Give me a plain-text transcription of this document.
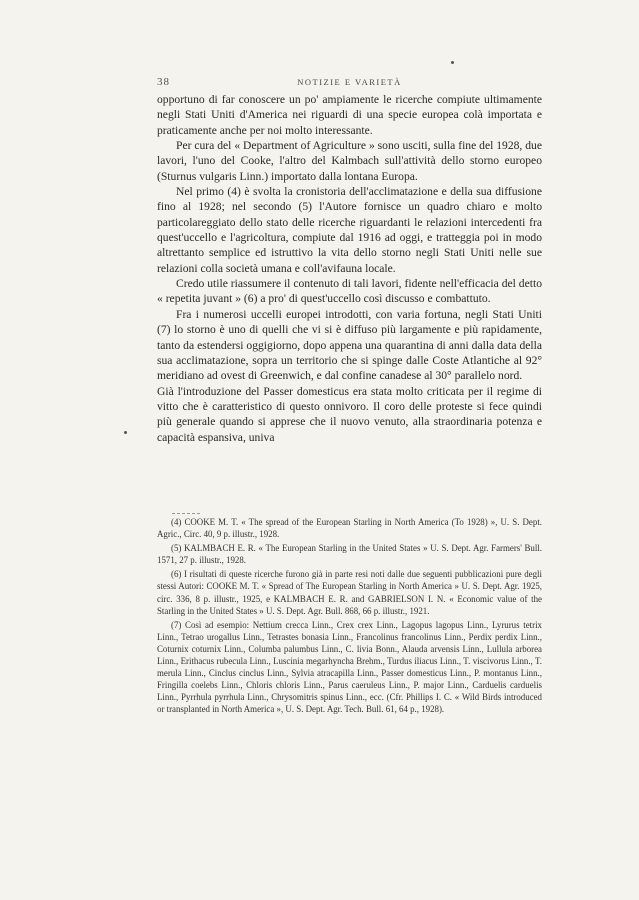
38	NOTIZIE E VARIETÀ

opportuno di far conoscere un po' ampiamente le ricerche compiute ultimamente negli Stati Uniti d'America nei riguardi di una specie europea colà importata e praticamente anche per noi molto interessante.

Per cura del « Department of Agriculture » sono usciti, sulla fine del 1928, due lavori, l'uno del Cooke, l'altro del Kalmbach sull'attività dello storno europeo (Sturnus vulgaris Linn.) importato dalla lontana Europa.

Nel primo (4) è svolta la cronistoria dell'acclimatazione e della sua diffusione fino al 1928; nel secondo (5) l'Autore fornisce un quadro chiaro e molto particolareggiato dello stato delle ricerche riguardanti le relazioni intercedenti fra quest'uccello e l'agricoltura, compiute dal 1916 ad oggi, e tratteggia poi in modo altrettanto semplice ed istruttivo la vita dello storno negli Stati Uniti nelle sue relazioni colla società umana e coll'avifauna locale.

Credo utile riassumere il contenuto di tali lavori, fidente nell'efficacia del detto « repetita juvant » (6) a pro' di quest'uccello così discusso e combattuto.

Fra i numerosi uccelli europei introdotti, con varia fortuna, negli Stati Uniti (7) lo storno è uno di quelli che vi si è diffuso più largamente e più rapidamente, tanto da estendersi oggigiorno, dopo appena una quarantina di anni dalla data della sua acclimatazione, sopra un territorio che si spinge dalle Coste Atlantiche al 92° meridiano ad ovest di Greenwich, e dal confine canadese al 30° parallelo nord.

Già l'introduzione del Passer domesticus era stata molto criticata per il regime di vitto che è caratteristico di questo onnivoro. Il coro delle proteste si fece quindi più generale quando si apprese che il nuovo venuto, alla straordinaria potenza e capacità espansiva, univa

(4) COOKE M. T. « The spread of the European Starling in North America (To 1928) », U. S. Dept. Agric., Circ. 40, 9 p. illustr., 1928.

(5) KALMBACH E. R. « The European Starling in the United States » U. S. Dept. Agr. Farmers' Bull. 1571, 27 p. illustr., 1928.

(6) I risultati di queste ricerche furono già in parte resi noti dalle due seguenti pubblicazioni pure degli stessi Autori: COOKE M. T. « Spread of The European Starling in North America » U. S. Dept. Agr. 1925, circ. 336, 8 p. illustr., 1925, e KALMBACH E. R. and GABRIELSON I. N. « Economic value of the Starling in the United States » U. S. Dept. Agr. Bull. 868, 66 p. illustr., 1921.

(7) Così ad esempio: Nettium crecca Linn., Crex crex Linn., Lagopus lagopus Linn., Lyrurus tetrix Linn., Tetrao urogallus Linn., Tetrastes bonasia Linn., Francolinus francolinus Linn., Perdix perdix Linn., Coturnix coturnix Linn., Columba palumbus Linn., C. livia Bonn., Alauda arvensis Linn., Lullula arborea Linn., Erithacus rubecula Linn., Luscinia megarhyncha Brehm., Turdus iliacus Linn., T. viscivorus Linn., T. merula Linn., Cinclus cinclus Linn., Sylvia atracapilla Linn., Passer domesticus Linn., P. montanus Linn., Fringilla coelebs Linn., Chloris chloris Linn., Parus caeruleus Linn., P. major Linn., Carduelis carduelis Linn., Pyrrhula pyrrhula Linn., Chrysomitris spinus Linn., ecc. (Cfr. Phillips I. C. « Wild Birds introduced or transplanted in North America », U. S. Dept. Agr. Tech. Bull. 61, 64 p., 1928).
